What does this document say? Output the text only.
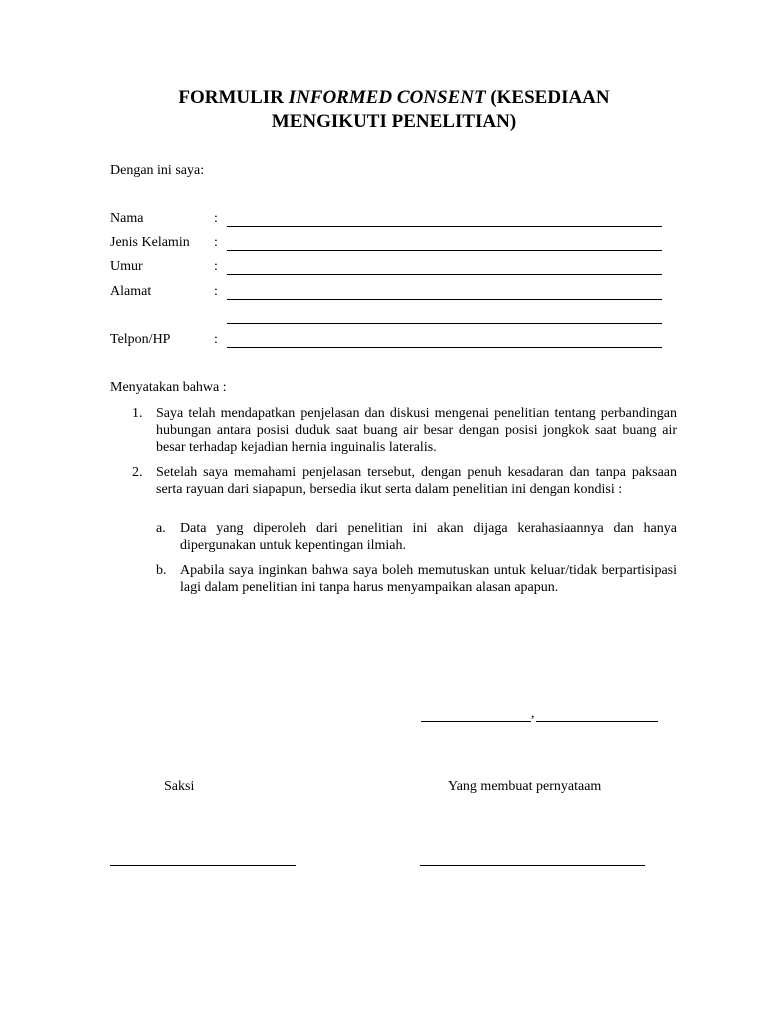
FORMULIR INFORMED CONSENT (KESEDIAAN
MENGIKUTI PENELITIAN)
Dengan ini saya:
Nama	:
Jenis Kelamin :
Umur	:
Alamat	:
Telpon/HP	:
Menyatakan bahwa :
1. Saya telah mendapatkan penjelasan dan diskusi mengenai penelitian tentang perbandingan hubungan antara posisi duduk saat buang air besar dengan posisi jongkok saat buang air besar terhadap kejadian hernia inguinalis lateralis.
2. Setelah saya memahami penjelasan tersebut, dengan penuh kesadaran dan tanpa paksaan serta rayuan dari siapapun, bersedia ikut serta dalam penelitian ini dengan kondisi :
a. Data yang diperoleh dari penelitian ini akan dijaga kerahasiaannya dan hanya dipergunakan untuk kepentingan ilmiah.
b. Apabila saya inginkan bahwa saya boleh memutuskan untuk keluar/tidak berpartisipasi lagi dalam penelitian ini tanpa harus menyampaikan alasan apapun.
,
Saksi	Yang membuat pernyataam
